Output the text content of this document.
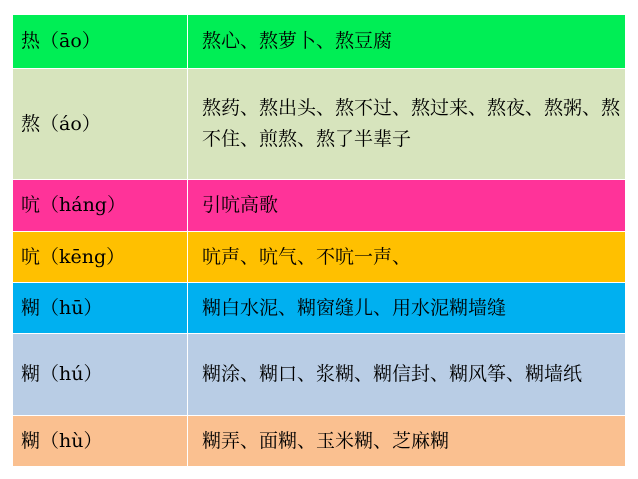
热（āo）	熬心、熬萝卜、熬豆腐
熬（áo）	熬药、熬出头、熬不过、熬过来、熬夜、熬粥、熬不住、煎熬、熬了半辈子
吭（háng）	引吭高歌
吭（kēng）	吭声、吭气、不吭一声、
糊（hū）	糊白水泥、糊窗缝儿、用水泥糊墙缝
糊（hú）	糊涂、糊口、浆糊、糊信封、糊风筝、糊墙纸
糊（hù）	糊弄、面糊、玉米糊、芝麻糊
